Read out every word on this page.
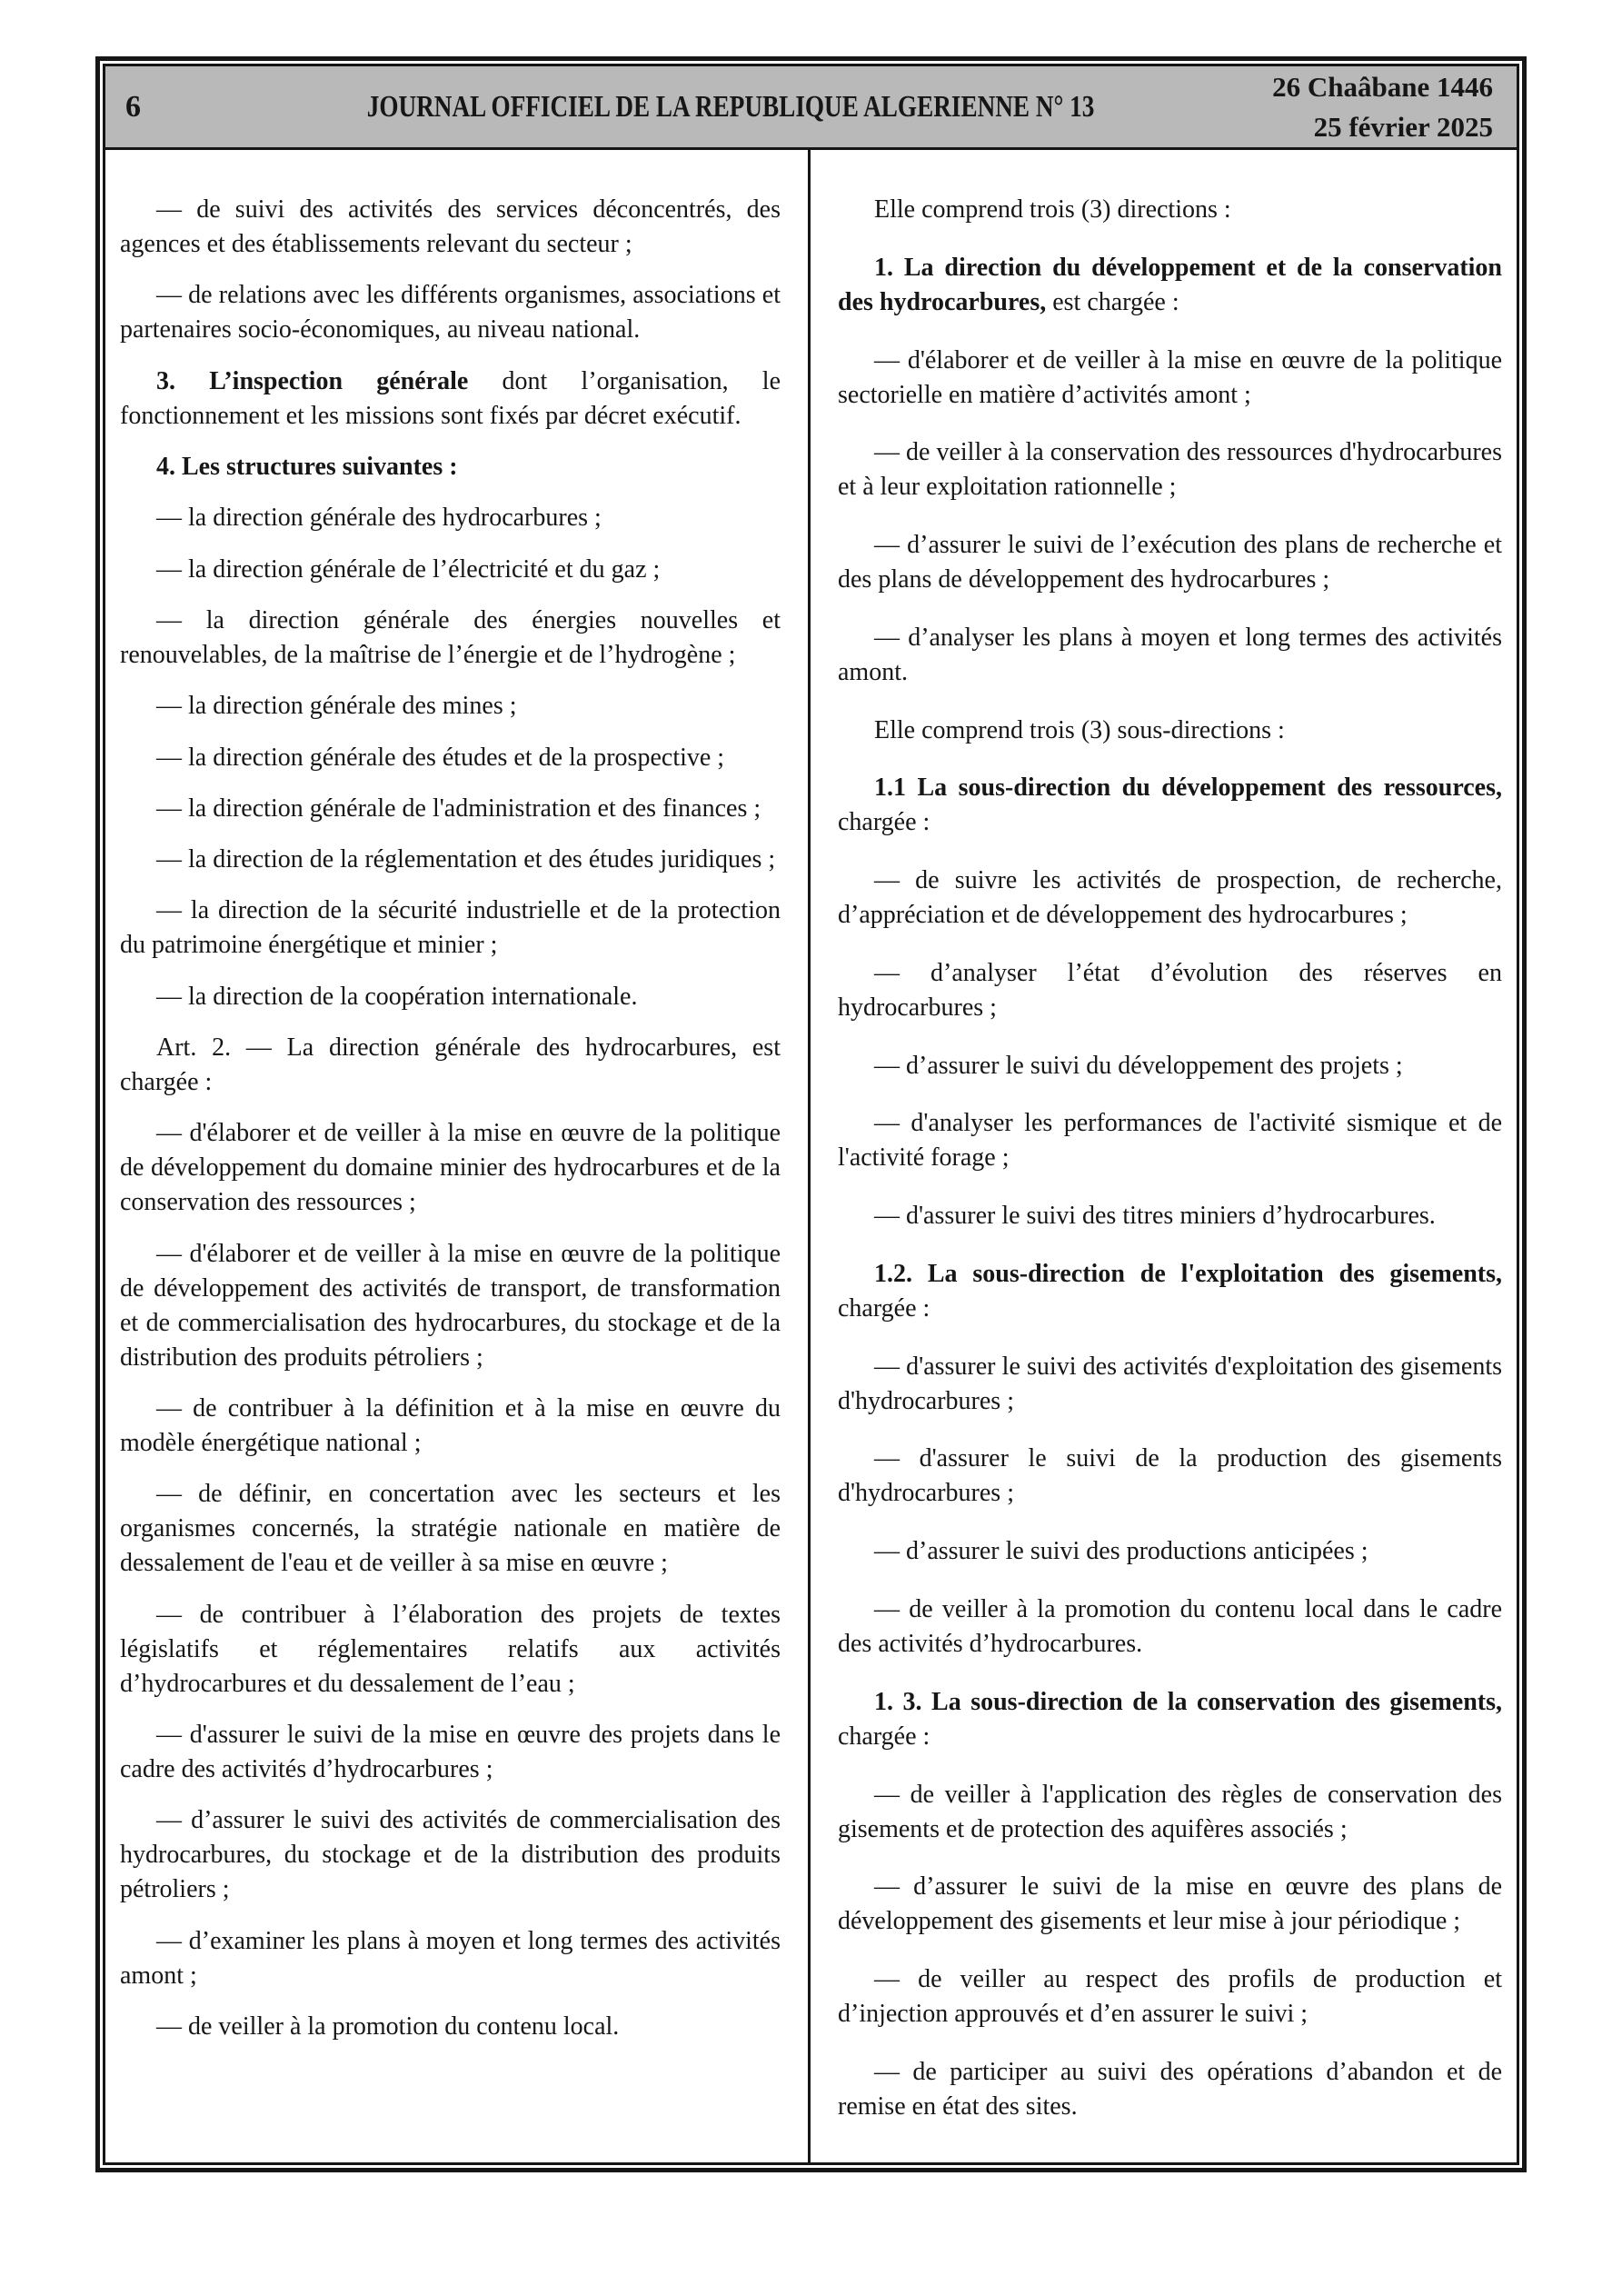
6	JOURNAL OFFICIEL DE LA REPUBLIQUE ALGERIENNE N° 13
26 Chaâbane 1446
25 février 2025

— de suivi des activités des services déconcentrés, des agences et des établissements relevant du secteur ;

— de relations avec les différents organismes, associations et partenaires socio-économiques, au niveau national.

3. L’inspection générale dont l’organisation, le fonctionnement et les missions sont fixés par décret exécutif.

4. Les structures suivantes :

— la direction générale des hydrocarbures ;

— la direction générale de l’électricité et du gaz ;

— la direction générale des énergies nouvelles et renouvelables, de la maîtrise de l’énergie et de l’hydrogène ;

— la direction générale des mines ;

— la direction générale des études et de la prospective ;

— la direction générale de l'administration et des finances ;

— la direction de la réglementation et des études juridiques ;

— la direction de la sécurité industrielle et de la protection du patrimoine énergétique et minier ;

— la direction de la coopération internationale.

Art. 2. — La direction générale des hydrocarbures, est chargée :

— d'élaborer et de veiller à la mise en œuvre de la politique de développement du domaine minier des hydrocarbures et de la conservation des ressources ;

— d'élaborer et de veiller à la mise en œuvre de la politique de développement des activités de transport, de transformation et de commercialisation des hydrocarbures, du stockage et de la distribution des produits pétroliers ;

— de contribuer à la définition et à la mise en œuvre du modèle énergétique national ;

— de définir, en concertation avec les secteurs et les organismes concernés, la stratégie nationale en matière de dessalement de l'eau et de veiller à sa mise en œuvre ;

— de contribuer à l’élaboration des projets de textes législatifs et réglementaires relatifs aux activités d’hydrocarbures et du dessalement de l’eau ;

— d'assurer le suivi de la mise en œuvre des projets dans le cadre des activités d’hydrocarbures ;

— d’assurer le suivi des activités de commercialisation des hydrocarbures, du stockage et de la distribution des produits pétroliers ;

— d’examiner les plans à moyen et long termes des activités amont ;

— de veiller à la promotion du contenu local.

Elle comprend trois (3) directions :

1. La direction du développement et de la conservation des hydrocarbures, est chargée :

— d'élaborer et de veiller à la mise en œuvre de la politique sectorielle en matière d’activités amont ;

— de veiller à la conservation des ressources d'hydrocarbures et à leur exploitation rationnelle ;

— d’assurer le suivi de l’exécution des plans de recherche et des plans de développement des hydrocarbures ;

— d’analyser les plans à moyen et long termes des activités amont.

Elle comprend trois (3) sous-directions :

1.1 La sous-direction du développement des ressources, chargée :

— de suivre les activités de prospection, de recherche, d’appréciation et de développement des hydrocarbures ;

— d’analyser l’état d’évolution des réserves en hydrocarbures ;

— d’assurer le suivi du développement des projets ;

— d'analyser les performances de l'activité sismique et de l'activité forage ;

— d'assurer le suivi des titres miniers d’hydrocarbures.

1.2. La sous-direction de l'exploitation des gisements, chargée :

— d'assurer le suivi des activités d'exploitation des gisements d'hydrocarbures ;

— d'assurer le suivi de la production des gisements d'hydrocarbures ;

— d’assurer le suivi des productions anticipées ;

— de veiller à la promotion du contenu local dans le cadre des activités d’hydrocarbures.

1. 3. La sous-direction de la conservation des gisements, chargée :

— de veiller à l'application des règles de conservation des gisements et de protection des aquifères associés ;

— d’assurer le suivi de la mise en œuvre des plans de développement des gisements et leur mise à jour périodique ;

— de veiller au respect des profils de production et d’injection approuvés et d’en assurer le suivi ;

— de participer au suivi des opérations d’abandon et de remise en état des sites.
